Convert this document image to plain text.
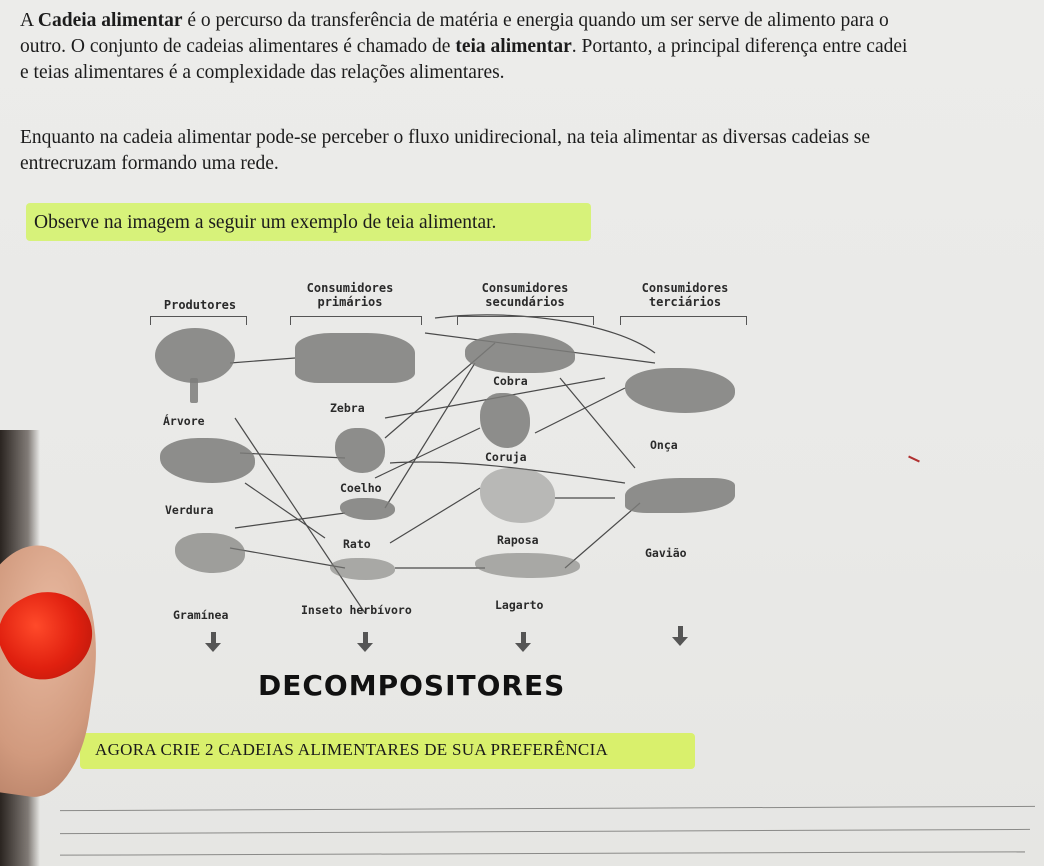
A Cadeia alimentar é o percurso da transferência de matéria e energia quando um ser serve de alimento para o
outro. O conjunto de cadeias alimentares é chamado de teia alimentar. Portanto, a principal diferença entre cadei
e teias alimentares é a complexidade das relações alimentares.
Enquanto na cadeia alimentar pode-se perceber o fluxo unidirecional, na teia alimentar as diversas cadeias se
entrecruzam formando uma rede.
Observe na imagem a seguir um exemplo de teia alimentar.
Produtores
Consumidores
primários
Consumidores
secundários
Consumidores
terciários
Árvore
Verdura
Gramínea
Zebra
Coelho
Rato
Inseto herbívoro
Cobra
Coruja
Raposa
Lagarto
Onça
Gavião
DECOMPOSITORES
AGORA CRIE 2 CADEIAS ALIMENTARES DE SUA PREFERÊNCIA
